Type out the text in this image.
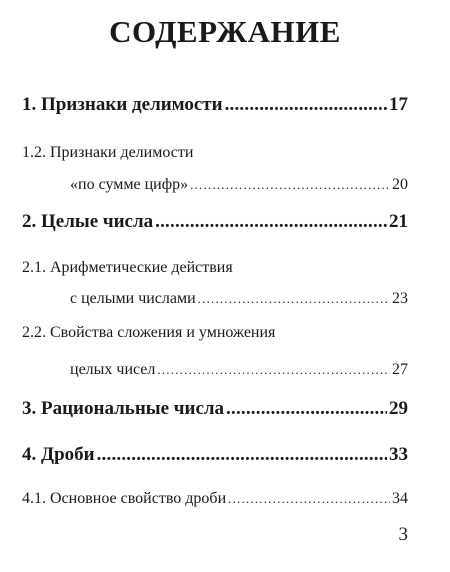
СОДЕРЖАНИЕ
1. Признаки делимости .....	17
1.2. Признаки делимости
«по сумме цифр» .....	20
2. Целые числа .....	21
2.1. Арифметические действия
с целыми числами .....	23
2.2. Свойства сложения и умножения
целых чисел .....	27
3. Рациональные числа .....	29
4. Дроби .....	33
4.1. Основное свойство дроби .....	34
3
